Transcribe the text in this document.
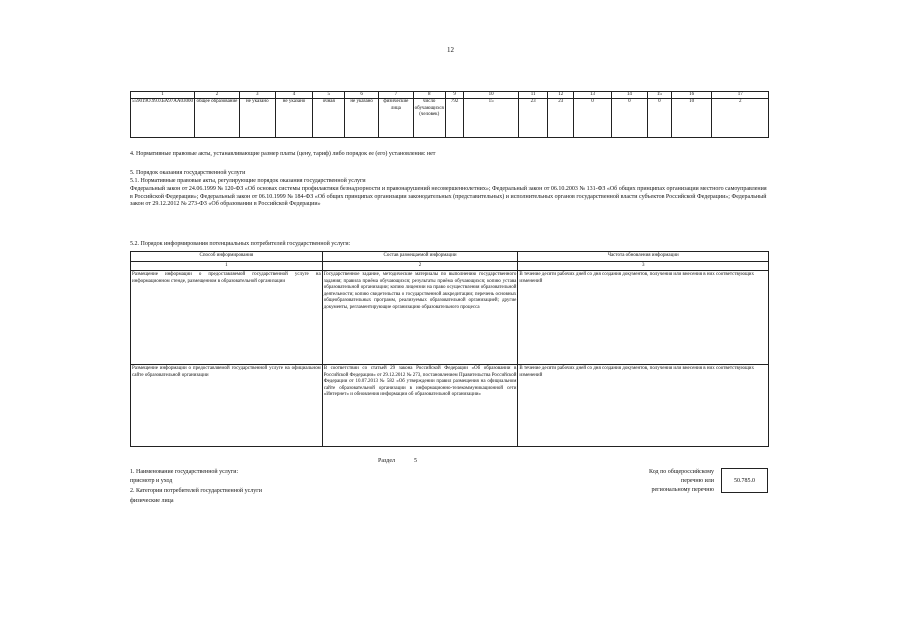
12
1	2	3	4	5	6	7	8	9	10	11	12	13	14	15	16	17
559019О.99.0.БА97АА03000	общее образование	не указано	не указано	очная	не указано	физические лица	число обучающихся (человек)	792	15	23	23	0	0	0	10	2
4. Нормативные правовые акты, устанавливающие размер платы (цену, тариф) либо порядок ее (его) установления: нет
5. Порядок оказания государственной услуги
5.1. Нормативные правовые акты, регулирующие порядок оказания государственной услуги
Федеральный закон от 24.06.1999 № 120-ФЗ «Об основах системы профилактики безнадзорности и правонарушений несовершеннолетних»; Федеральный закон от 06.10.2003 № 131-ФЗ «Об общих принципах организации местного самоуправления в Российской Федерации»; Федеральный закон от 06.10.1999 № 184-ФЗ «Об общих принципах организации законодательных (представительных) и исполнительных органов государственной власти субъектов Российской Федерации»; Федеральный закон от 29.12.2012 № 273-ФЗ «Об образовании в Российской Федерации»
5.2. Порядок информирования потенциальных потребителей государственной услуги:
Способ информирования	Состав размещаемой информации	Частота обновления информации
1	2	3
Размещение информации о предоставляемой государственной услуге на информационном стенде, размещенном в образовательной организации	Государственное задание, методические материалы по выполнению государственного задания; правила приёма обучающихся; результаты приёма обучающихся; копию устава образовательной организации; копию лицензии на право осуществления образовательной деятельности; копию свидетельства о государственной аккредитации; перечень основных общеобразовательных программ, реализуемых образовательной организацией; другие документы, регламентирующие организацию образовательного процесса	В течение десяти рабочих дней со дня создания документов, получения или внесения в них соответствующих изменений
Размещение информации о предоставляемой государственной услуге на официальном сайте образовательной организации	В соответствии со статьей 29 закона Российской Федерации «Об образовании в Российской Федерации» от 29.12.2012 № 273, постановлением Правительства Российской Федерации от 10.07.2013 № 582 «Об утверждении правил размещения на официальном сайте образовательной организации в информационно-телекоммуникационной сети «Интернет» и обновления информации об образовательной организации»	В течение десяти рабочих дней со дня создания документов, получения или внесения в них соответствующих изменений
Раздел	5
1. Наименование государственной услуги:
присмотр и уход
2. Категории потребителей государственной услуги
физические лица
Код по общероссийскому
перечню или
региональному перечню
50.785.0
